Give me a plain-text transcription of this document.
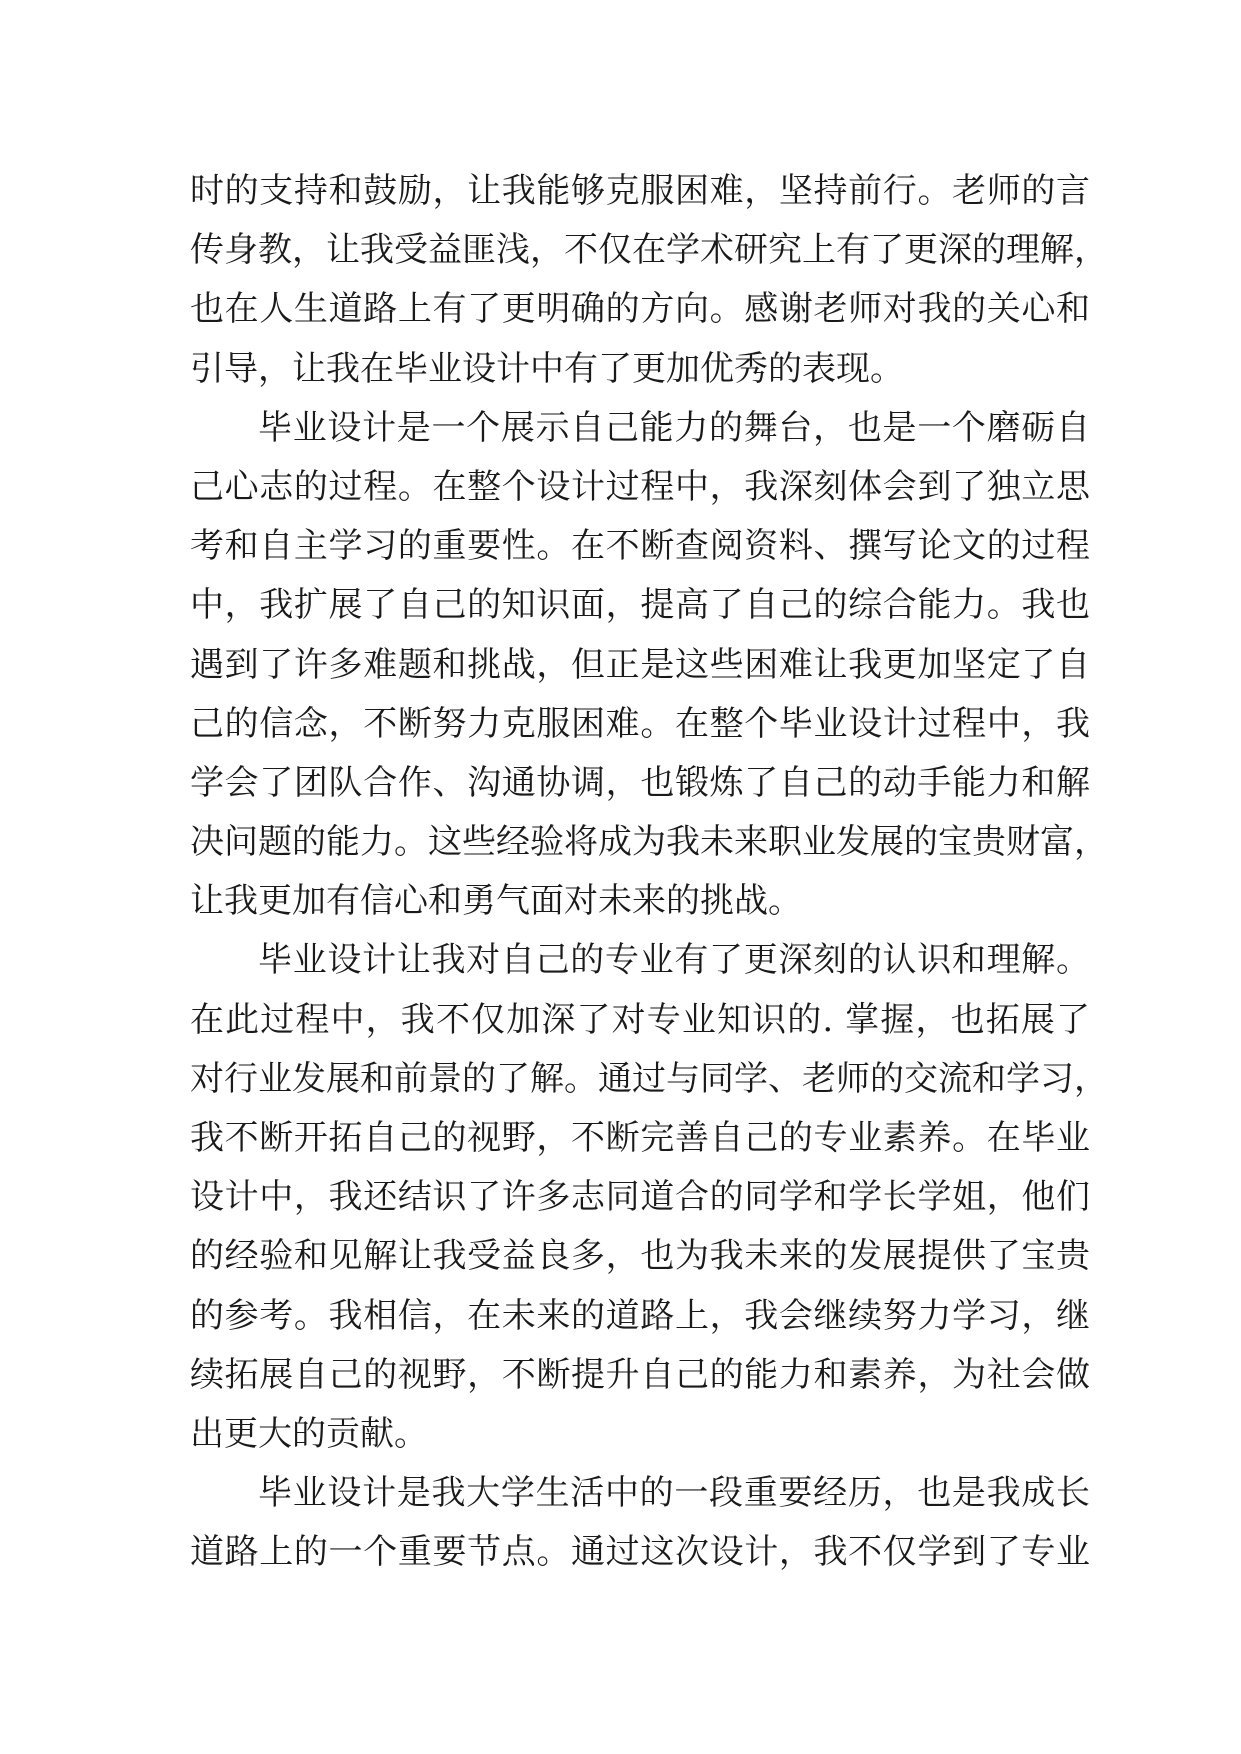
时的支持和鼓励，让我能够克服困难，坚持前行。老师的言
传身教，让我受益匪浅，不仅在学术研究上有了更深的理解，
也在人生道路上有了更明确的方向。感谢老师对我的关心和
引导，让我在毕业设计中有了更加优秀的表现。
毕业设计是一个展示自己能力的舞台，也是一个磨砺自
己心志的过程。在整个设计过程中，我深刻体会到了独立思
考和自主学习的重要性。在不断查阅资料、撰写论文的过程
中，我扩展了自己的知识面，提高了自己的综合能力。我也
遇到了许多难题和挑战，但正是这些困难让我更加坚定了自
己的信念，不断努力克服困难。在整个毕业设计过程中，我
学会了团队合作、沟通协调，也锻炼了自己的动手能力和解
决问题的能力。这些经验将成为我未来职业发展的宝贵财富，
让我更加有信心和勇气面对未来的挑战。
毕业设计让我对自己的专业有了更深刻的认识和理解。
在此过程中，我不仅加深了对专业知识的. 掌握，也拓展了
对行业发展和前景的了解。通过与同学、老师的交流和学习，
我不断开拓自己的视野，不断完善自己的专业素养。在毕业
设计中，我还结识了许多志同道合的同学和学长学姐，他们
的经验和见解让我受益良多，也为我未来的发展提供了宝贵
的参考。我相信，在未来的道路上，我会继续努力学习，继
续拓展自己的视野，不断提升自己的能力和素养，为社会做
出更大的贡献。
毕业设计是我大学生活中的一段重要经历，也是我成长
道路上的一个重要节点。通过这次设计，我不仅学到了专业
